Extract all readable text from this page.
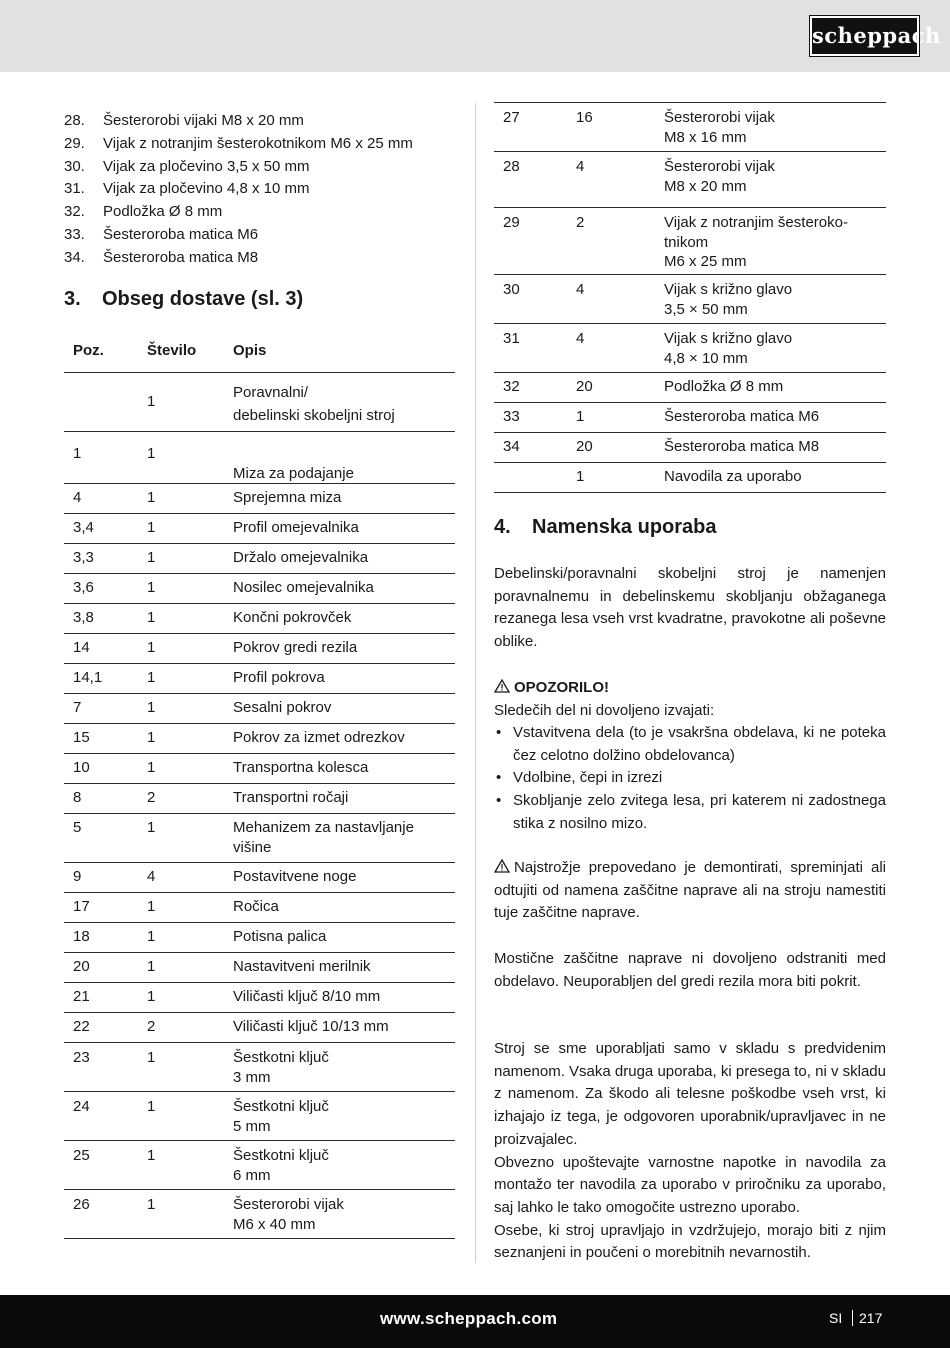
scheppach
28. Šesterorobi vijaki M8 x 20 mm
29. Vijak z notranjim šesterokotnikom M6 x 25 mm
30. Vijak za pločevino 3,5 x 50 mm
31. Vijak za pločevino 4,8 x 10 mm
32. Podložka Ø 8 mm
33. Šesteroroba matica M6
34. Šesteroroba matica M8
3. Obseg dostave (sl. 3)
Poz.	Število Opis
	1	Poravnalni/
debelinski skobeljni stroj
1	1	
Miza za podajanje
4	1	Sprejemna miza
3,4	1	Profil omejevalnika
3,3	1	Držalo omejevalnika
3,6	1	Nosilec omejevalnika
3,8	1	Končni pokrovček
14	1	Pokrov gredi rezila
14,1	1	Profil pokrova
7	1	Sesalni pokrov
15	1	Pokrov za izmet odrezkov
10	1	Transportna kolesca
8	2	Transportni ročaji
5	1	Mehanizem za nastavljanje
višine
9	4	Postavitvene noge
17	1	Ročica
18	1	Potisna palica
20	1	Nastavitveni merilnik
21	1	Viličasti ključ 8/10 mm
22	2	Viličasti ključ 10/13 mm
23	1	Šestkotni ključ
3 mm
24	1	Šestkotni ključ
5 mm
25	1	Šestkotni ključ
6 mm
26	1	Šesterorobi vijak
M6 x 40 mm
27	16	Šesterorobi vijak
M8 x 16 mm
28	4	Šesterorobi vijak
M8 x 20 mm
29	2	Vijak z notranjim šesteroko-
tnikom
M6 x 25 mm
30	4	Vijak s križno glavo
3,5 × 50 mm
31	4	Vijak s križno glavo
4,8 × 10 mm
32	20	Podložka Ø 8 mm
33	1	Šesteroroba matica M6
34	20	Šesteroroba matica M8
	1	Navodila za uporabo
4. Namenska uporaba

Debelinski/poravnalni skobeljni stroj je namenjen poravnalnemu in debelinskemu skobljanju obžaganega rezanega lesa vseh vrst kvadratne, pravokotne ali poševne oblike.

OPOZORILO!

Sledečih del ni dovoljeno izvajati:

• Vstavitvena dela (to je vsakršna obdelava, ki ne poteka čez celotno dolžino obdelovanca)
• Vdolbine, čepi in izrezi
• Skobljanje zelo zvitega lesa, pri katerem ni zadostnega stika z nosilno mizo.

Najstrožje prepovedano je demontirati, spreminjati ali odtujiti od namena zaščitne naprave ali na stroju namestiti tuje zaščitne naprave.

Mostične zaščitne naprave ni dovoljeno odstraniti med obdelavo. Neuporabljen del gredi rezila mora biti pokrit.

Stroj se sme uporabljati samo v skladu s predvidenim namenom. Vsaka druga uporaba, ki presega to, ni v skladu z namenom. Za škodo ali telesne poškodbe vseh vrst, ki izhajajo iz tega, je odgovoren uporabnik/upravljavec in ne proizvajalec.

Obvezno upoštevajte varnostne napotke in navodila za montažo ter navodila za uporabo v priročniku za uporabo, saj lahko le tako omogočite ustrezno uporabo.

Osebe, ki stroj upravljajo in vzdržujejo, morajo biti z njim seznanjeni in poučeni o morebitnih nevarnostih.

www.scheppach.com	SI 217
